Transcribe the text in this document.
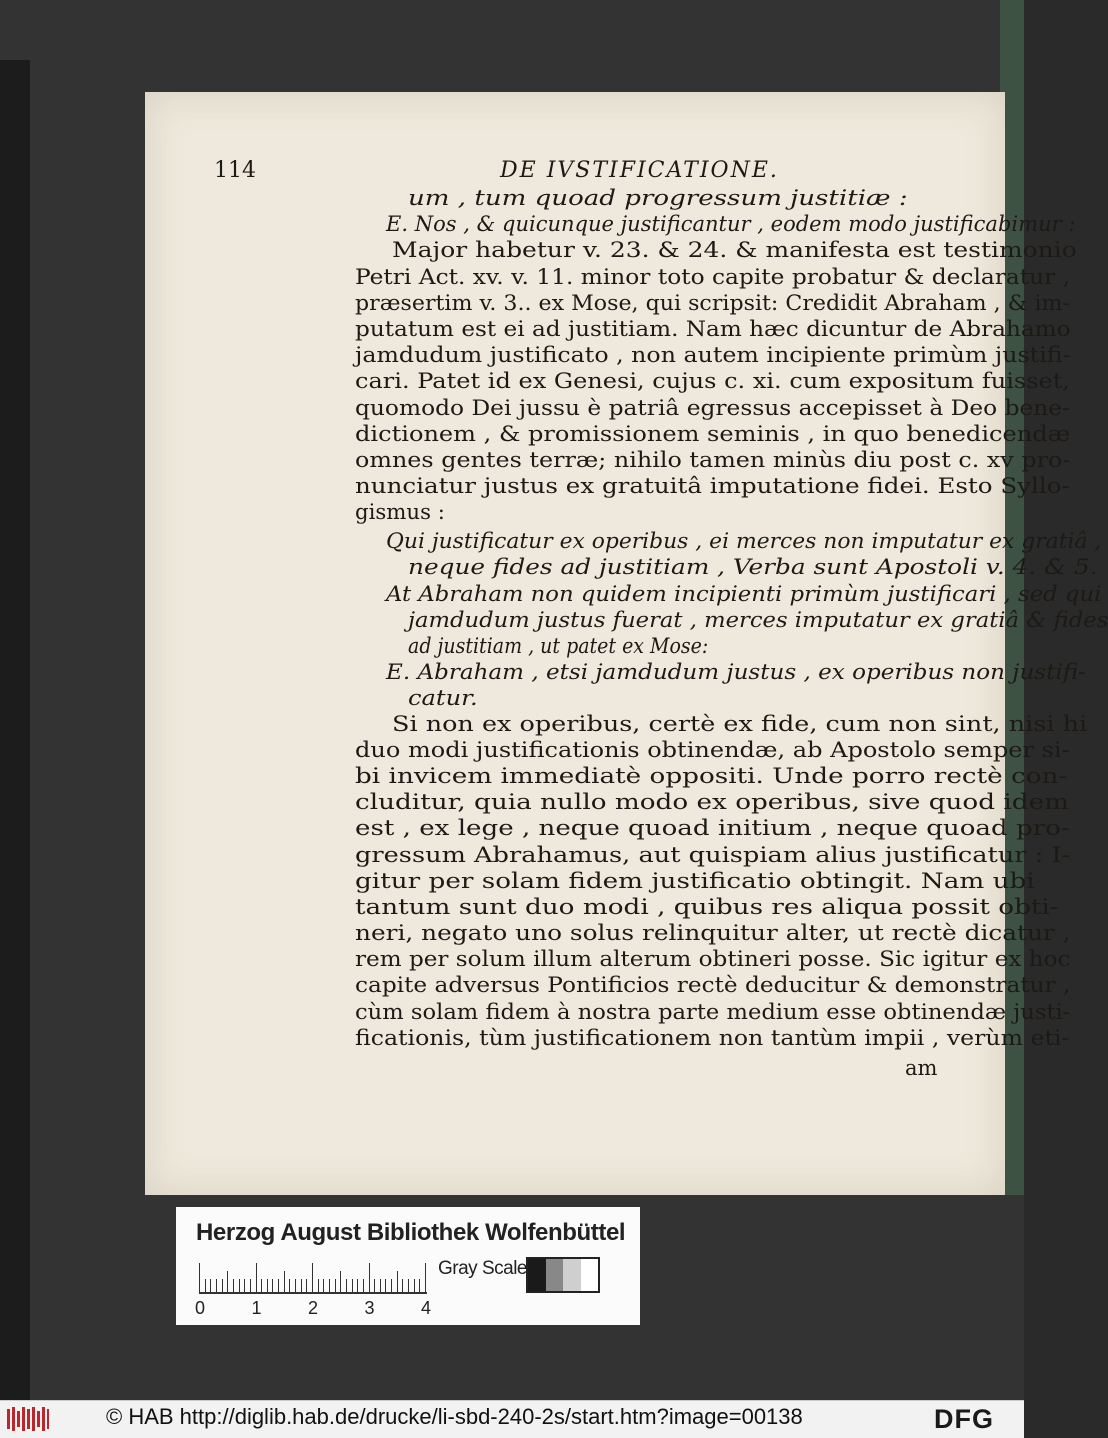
114	DE IVSTIFICATIONE.
um , tum quoad progressum justitiæ :
E. Nos , & quicunque justificantur , eodem modo justificabimur :
Major habetur v. 23. & 24. & manifesta est testimonio
Petri Act. xv. v. 11. minor toto capite probatur & declaratur ,
præsertim v. 3.. ex Mose, qui scripsit: Credidit Abraham , & im-
putatum est ei ad justitiam. Nam hæc dicuntur de Abrahamo
jamdudum justificato , non autem incipiente primùm justifi-
cari. Patet id ex Genesi, cujus c. xi. cum expositum fuisset,
quomodo Dei jussu è patriâ egressus accepisset à Deo bene-
dictionem , & promissionem seminis , in quo benedicendæ
omnes gentes terræ; nihilo tamen minùs diu post c. xv pro-
nunciatur justus ex gratuitâ imputatione fidei. Esto Syllo-
gismus :
Qui justificatur ex operibus , ei merces non imputatur ex gratiâ ,
neque fides ad justitiam , Verba sunt Apostoli v. 4. & 5.
At Abraham non quidem incipienti primùm justificari , sed qui
jamdudum justus fuerat , merces imputatur ex gratiâ & fides
ad justitiam , ut patet ex Mose:
E. Abraham , etsi jamdudum justus , ex operibus non justifi-
catur.
Si non ex operibus, certè ex fide, cum non sint, nisi hi
duo modi justificationis obtinendæ, ab Apostolo semper si-
bi invicem immediatè oppositi. Unde porro rectè con-
cluditur, quia nullo modo ex operibus, sive quod idem
est , ex lege , neque quoad initium , neque quoad pro-
gressum Abrahamus, aut quispiam alius justificatur : I-
gitur per solam fidem justificatio obtingit. Nam ubi
tantum sunt duo modi , quibus res aliqua possit obti-
neri, negato uno solus relinquitur alter, ut rectè dicatur ,
rem per solum illum alterum obtineri posse. Sic igitur ex hoc
capite adversus Pontificios rectè deducitur & demonstratur ,
cùm solam fidem à nostra parte medium esse obtinendæ justi-
ficationis, tùm justificationem non tantùm impii , verùm eti-
am
Herzog August Bibliothek Wolfenbüttel
0	1	2	3	4
Gray Scale
© HAB http://diglib.hab.de/drucke/li-sbd-240-2s/start.htm?image=00138	DFG
